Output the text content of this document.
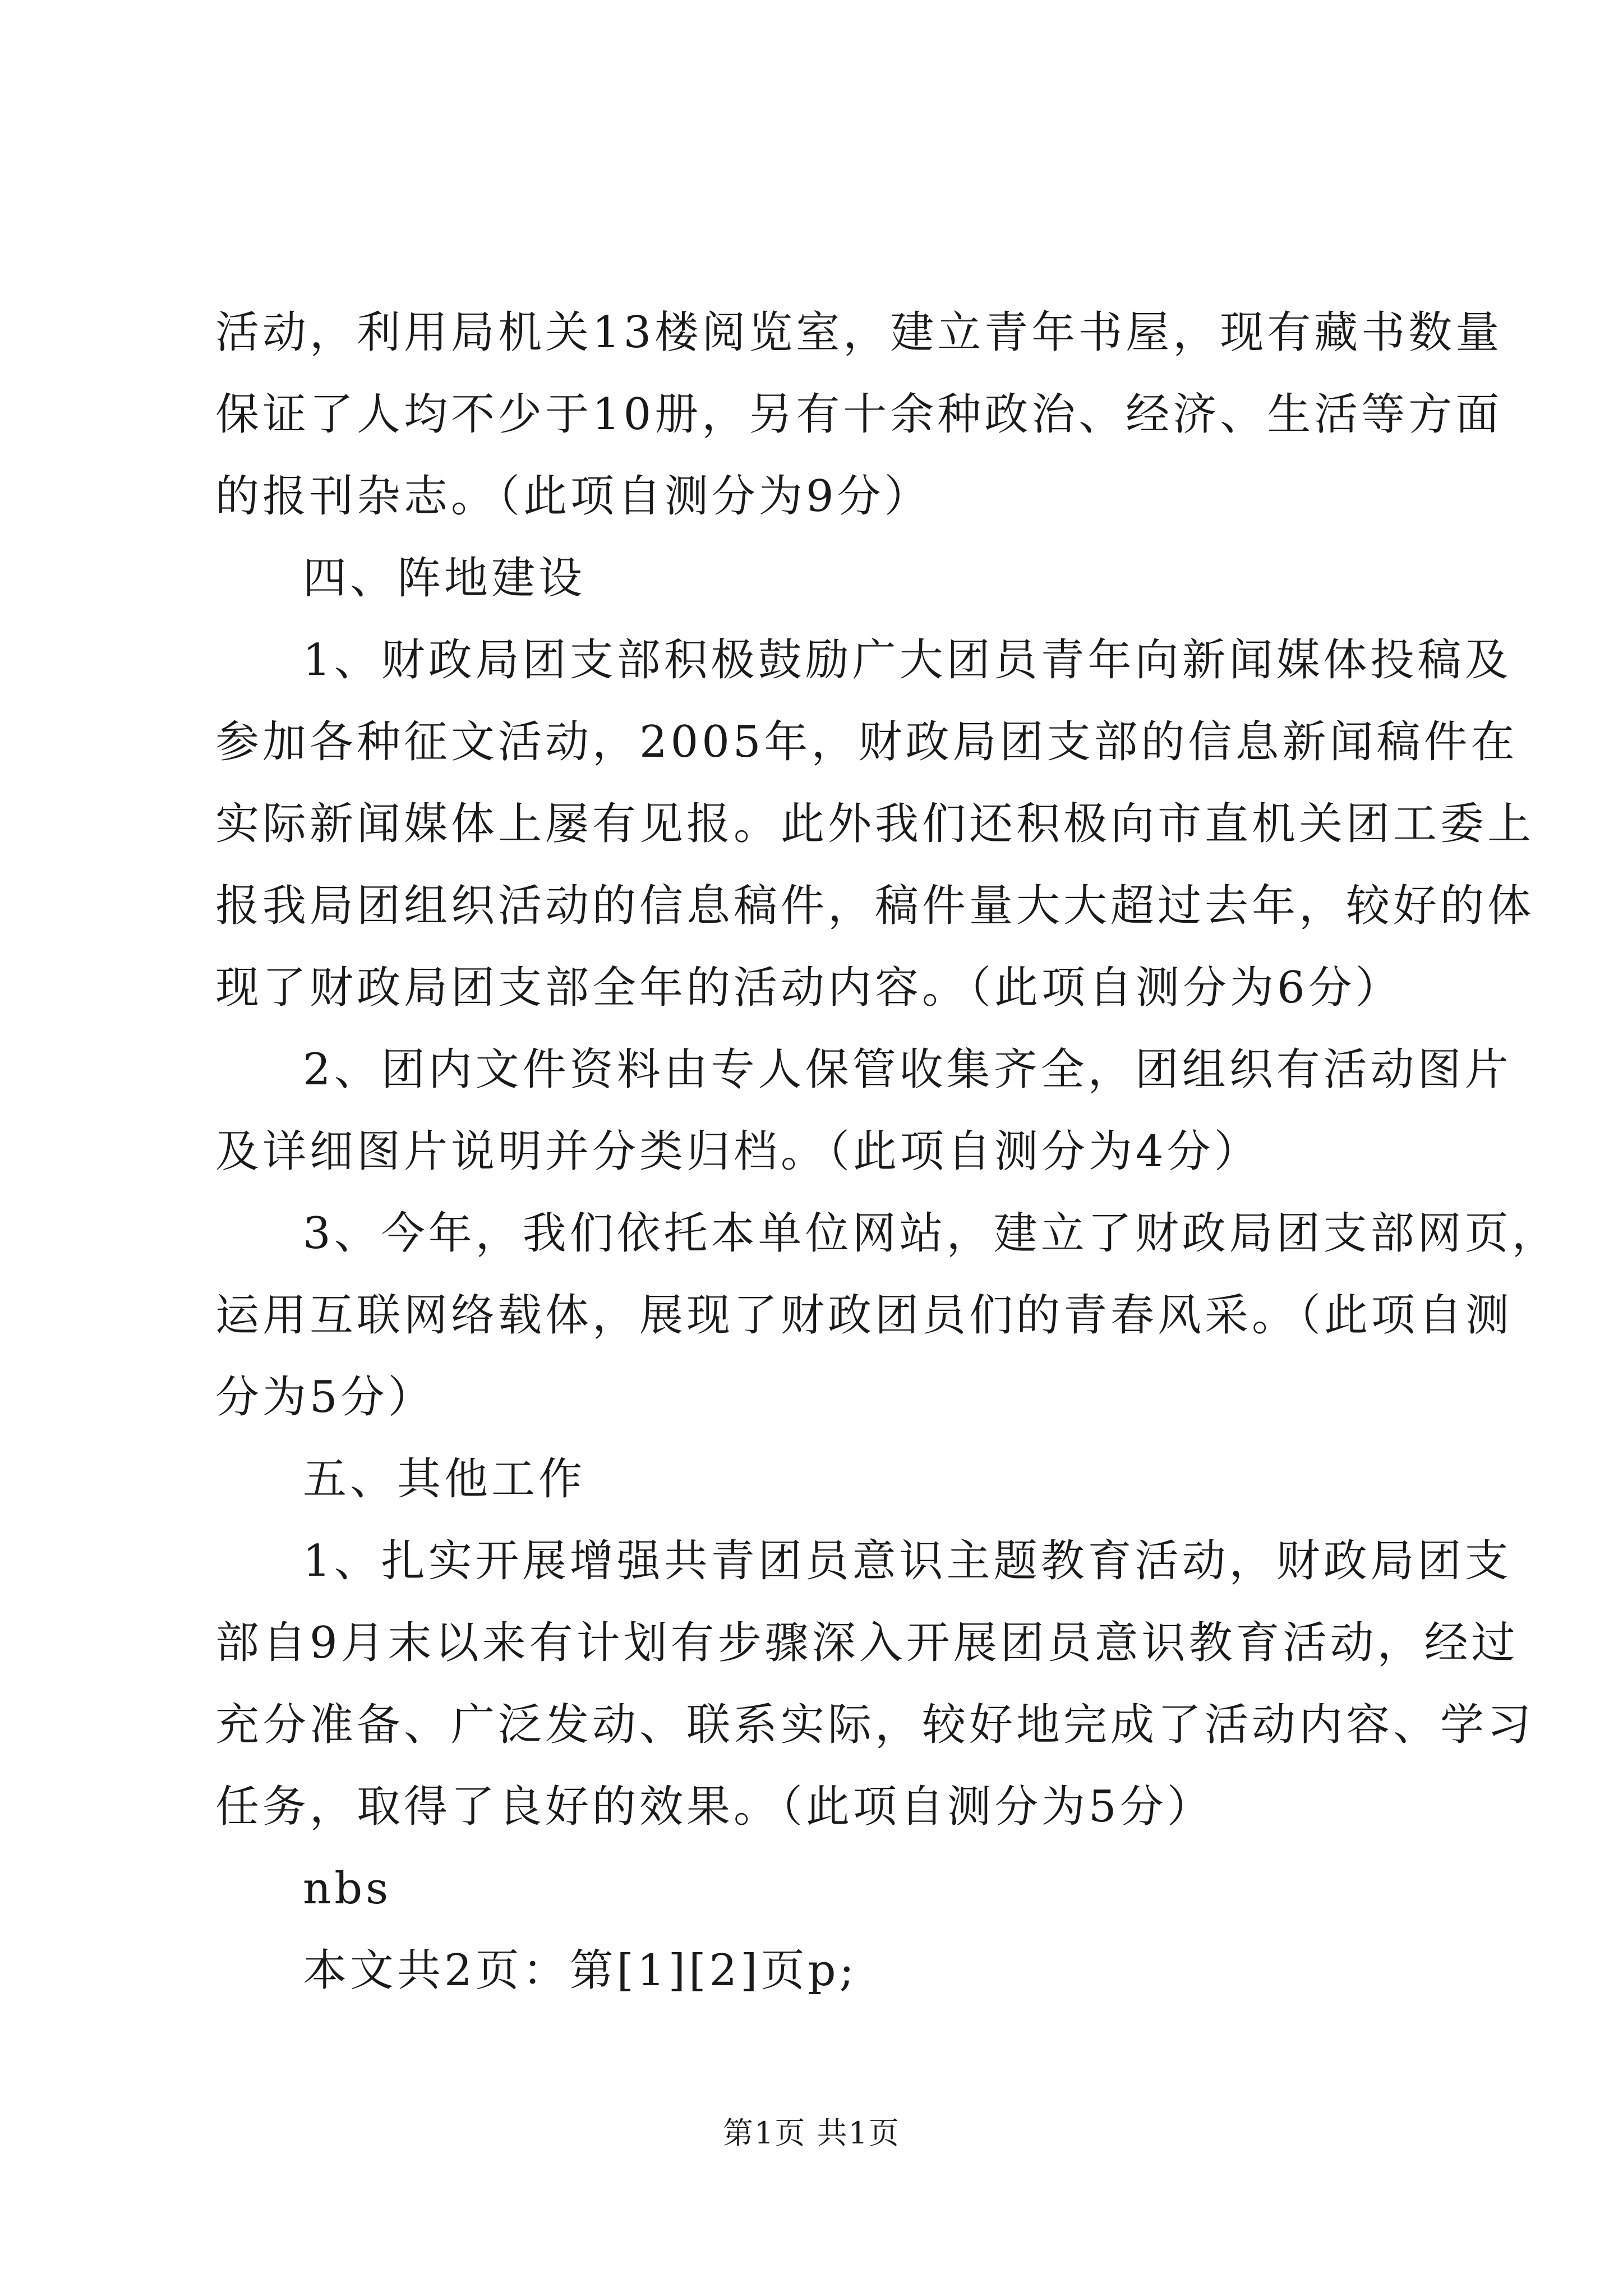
活动，利用局机关13楼阅览室，建立青年书屋，现有藏书数量
保证了人均不少于10册，另有十余种政治、经济、生活等方面
的报刊杂志。（此项自测分为9分）
四、阵地建设
1、财政局团支部积极鼓励广大团员青年向新闻媒体投稿及
参加各种征文活动，2005年，财政局团支部的信息新闻稿件在
实际新闻媒体上屡有见报。此外我们还积极向市直机关团工委上
报我局团组织活动的信息稿件，稿件量大大超过去年，较好的体
现了财政局团支部全年的活动内容。（此项自测分为6分）
2、团内文件资料由专人保管收集齐全，团组织有活动图片
及详细图片说明并分类归档。（此项自测分为4分）
3、今年，我们依托本单位网站，建立了财政局团支部网页，
运用互联网络载体，展现了财政团员们的青春风采。（此项自测
分为5分）
五、其他工作
1、扎实开展增强共青团员意识主题教育活动，财政局团支
部自9月末以来有计划有步骤深入开展团员意识教育活动，经过
充分准备、广泛发动、联系实际，较好地完成了活动内容、学习
任务，取得了良好的效果。（此项自测分为5分）
nbs
本文共2页：第[1][2]页p;
第1页 共1页
